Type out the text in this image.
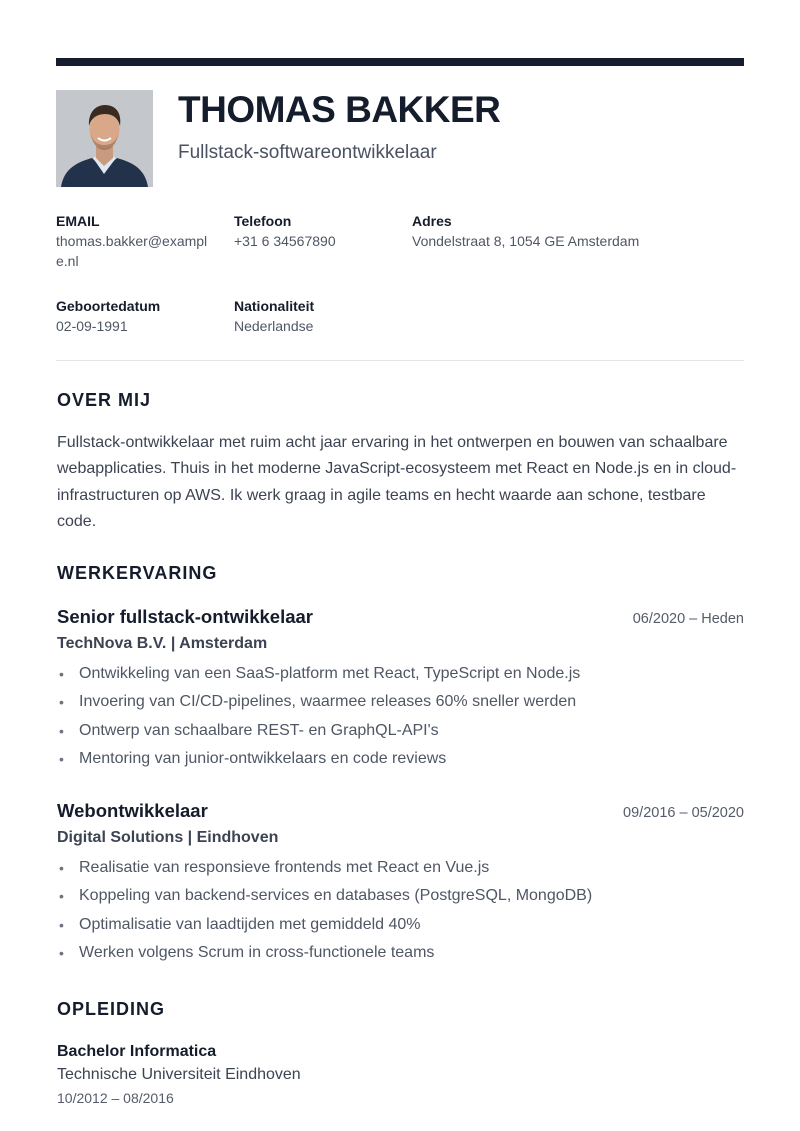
THOMAS BAKKER
Fullstack-softwareontwikkelaar
EMAIL
thomas.bakker@example.nl
Telefoon
+31 6 34567890
Adres
Vondelstraat 8, 1054 GE Amsterdam
Geboortedatum
02-09-1991
Nationaliteit
Nederlandse
OVER MIJ
Fullstack-ontwikkelaar met ruim acht jaar ervaring in het ontwerpen en bouwen van schaalbare webapplicaties. Thuis in het moderne JavaScript-ecosysteem met React en Node.js en in cloud-infrastructuren op AWS. Ik werk graag in agile teams en hecht waarde aan schone, testbare code.
WERKERVARING
Senior fullstack-ontwikkelaar	06/2020 – Heden
TechNova B.V. | Amsterdam
• Ontwikkeling van een SaaS-platform met React, TypeScript en Node.js
• Invoering van CI/CD-pipelines, waarmee releases 60% sneller werden
• Ontwerp van schaalbare REST- en GraphQL-API's
• Mentoring van junior-ontwikkelaars en code reviews
Webontwikkelaar	09/2016 – 05/2020
Digital Solutions | Eindhoven
• Realisatie van responsieve frontends met React en Vue.js
• Koppeling van backend-services en databases (PostgreSQL, MongoDB)
• Optimalisatie van laadtijden met gemiddeld 40%
• Werken volgens Scrum in cross-functionele teams
OPLEIDING
Bachelor Informatica
Technische Universiteit Eindhoven
10/2012 – 08/2016
